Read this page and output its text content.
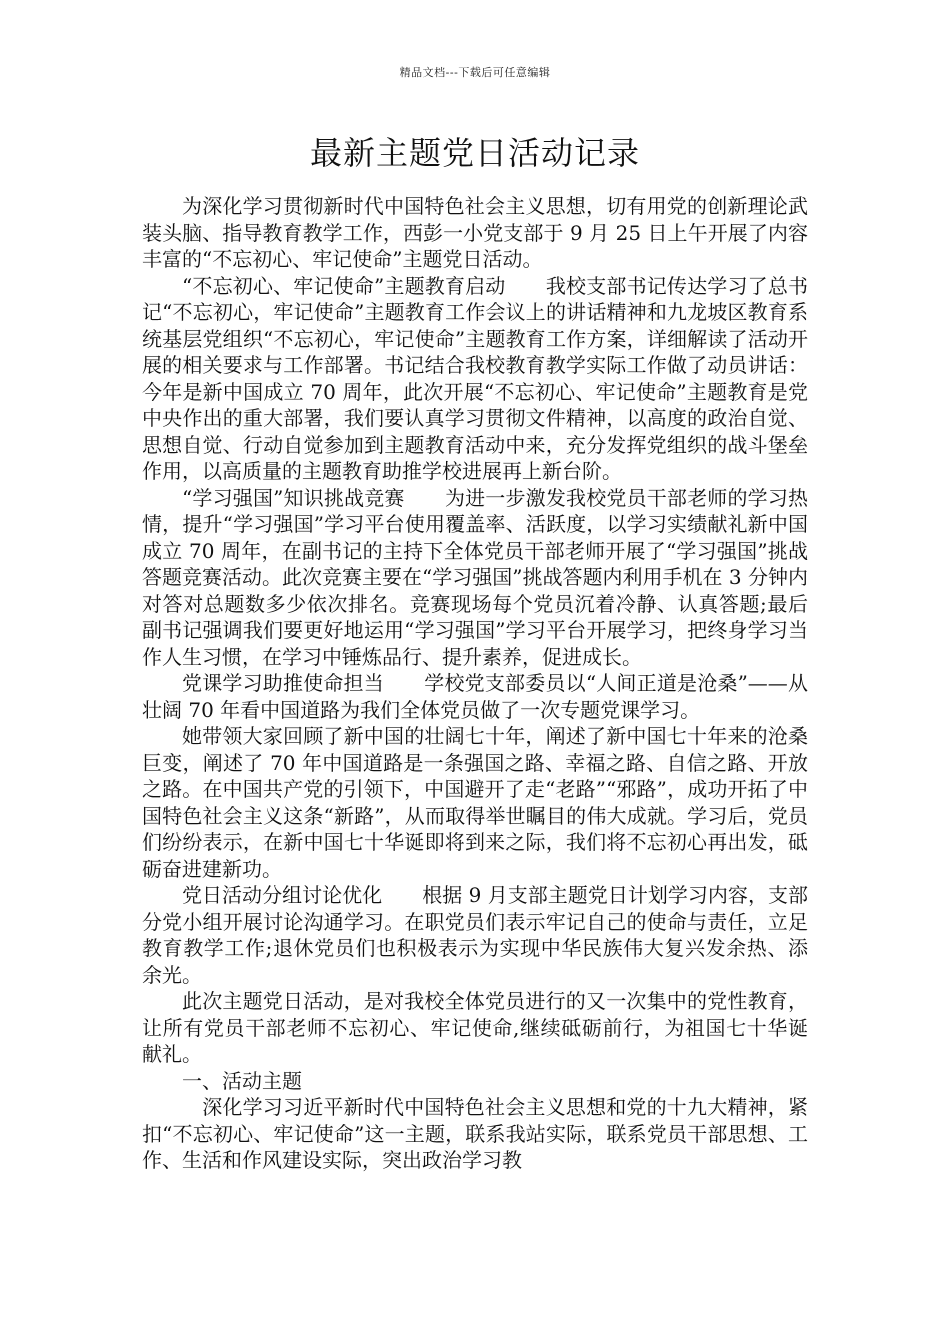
精品文档---下载后可任意编辑
最新主题党日活动记录

为深化学习贯彻新时代中国特色社会主义思想，切有用党的创新理论武装头脑、指导教育教学工作，西彭一小党支部于 9 月 25 日上午开展了内容丰富的“不忘初心、牢记使命”主题党日活动。

“不忘初心、牢记使命”主题教育启动　　我校支部书记传达学习了总书记“不忘初心，牢记使命”主题教育工作会议上的讲话精神和九龙坡区教育系统基层党组织“不忘初心，牢记使命”主题教育工作方案，详细解读了活动开展的相关要求与工作部署。书记结合我校教育教学实际工作做了动员讲话：今年是新中国成立 70 周年，此次开展“不忘初心、牢记使命”主题教育是党中央作出的重大部署，我们要认真学习贯彻文件精神，以高度的政治自觉、思想自觉、行动自觉参加到主题教育活动中来，充分发挥党组织的战斗堡垒作用，以高质量的主题教育助推学校进展再上新台阶。

“学习强国”知识挑战竞赛　　为进一步激发我校党员干部老师的学习热情，提升“学习强国”学习平台使用覆盖率、活跃度，以学习实绩献礼新中国成立 70 周年，在副书记的主持下全体党员干部老师开展了“学习强国”挑战答题竞赛活动。此次竞赛主要在“学习强国”挑战答题内利用手机在 3 分钟内对答对总题数多少依次排名。竞赛现场每个党员沉着冷静、认真答题;最后副书记强调我们要更好地运用“学习强国”学习平台开展学习，把终身学习当作人生习惯，在学习中锤炼品行、提升素养，促进成长。

党课学习助推使命担当　　学校党支部委员以“人间正道是沧桑”——从壮阔 70 年看中国道路为我们全体党员做了一次专题党课学习。

她带领大家回顾了新中国的壮阔七十年，阐述了新中国七十年来的沧桑巨变，阐述了 70 年中国道路是一条强国之路、幸福之路、自信之路、开放之路。在中国共产党的引领下，中国避开了走“老路”“邪路”，成功开拓了中国特色社会主义这条“新路”，从而取得举世瞩目的伟大成就。学习后，党员们纷纷表示，在新中国七十华诞即将到来之际，我们将不忘初心再出发，砥砺奋进建新功。

党日活动分组讨论优化　　根据 9 月支部主题党日计划学习内容，支部分党小组开展讨论沟通学习。在职党员们表示牢记自己的使命与责任，立足教育教学工作;退休党员们也积极表示为实现中华民族伟大复兴发余热、添余光。

此次主题党日活动，是对我校全体党员进行的又一次集中的党性教育，让所有党员干部老师不忘初心、牢记使命,继续砥砺前行，为祖国七十华诞献礼。

一、活动主题

　深化学习习近平新时代中国特色社会主义思想和党的十九大精神，紧扣“不忘初心、牢记使命”这一主题，联系我站实际，联系党员干部思想、工作、生活和作风建设实际，突出政治学习教
